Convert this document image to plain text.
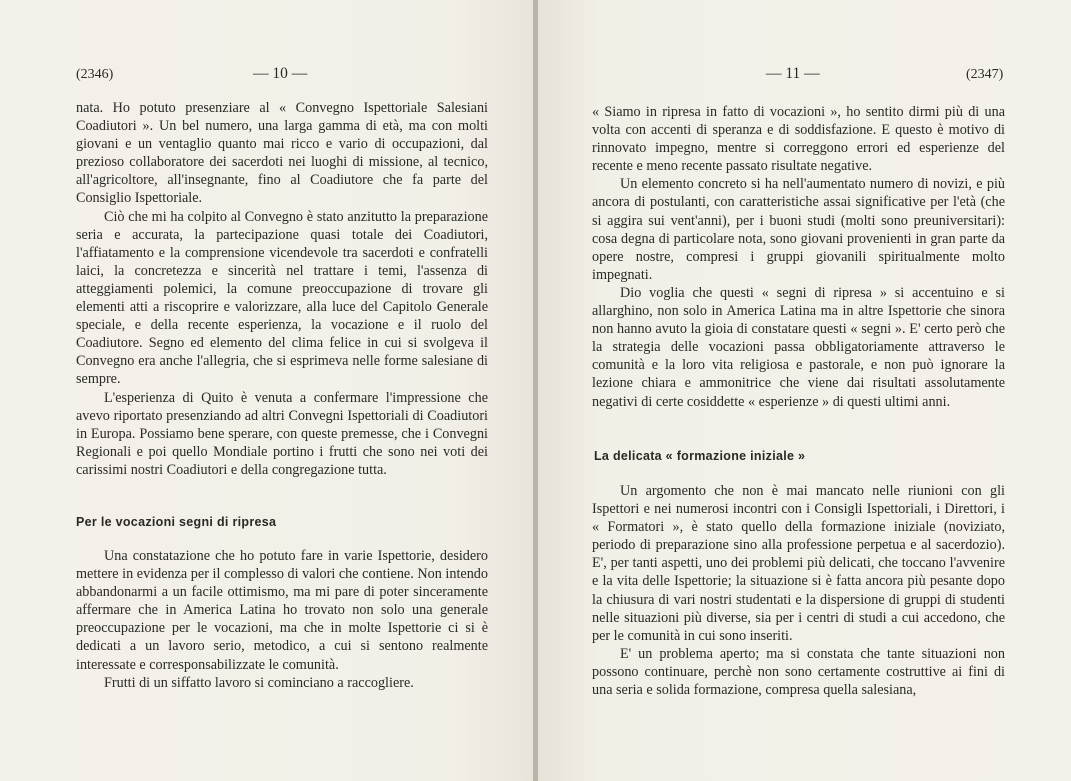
(2346)	— 10 —

nata. Ho potuto presenziare al « Convegno Ispettoriale Salesiani Coadiutori ». Un bel numero, una larga gamma di età, ma con molti giovani e un ventaglio quanto mai ricco e vario di occupazioni, dal prezioso collaboratore dei sacerdoti nei luoghi di missione, al tecnico, all'agricoltore, all'insegnante, fino al Coadiutore che fa parte del Consiglio Ispettoriale.

Ciò che mi ha colpito al Convegno è stato anzitutto la preparazione seria e accurata, la partecipazione quasi totale dei Coadiutori, l'affiatamento e la comprensione vicendevole tra sacerdoti e confratelli laici, la concretezza e sincerità nel trattare i temi, l'assenza di atteggiamenti polemici, la comune preoccupazione di trovare gli elementi atti a riscoprire e valorizzare, alla luce del Capitolo Generale speciale, e della recente esperienza, la vocazione e il ruolo del Coadiutore. Segno ed elemento del clima felice in cui si svolgeva il Convegno era anche l'allegria, che si esprimeva nelle forme salesiane di sempre.

L'esperienza di Quito è venuta a confermare l'impressione che avevo riportato presenziando ad altri Convegni Ispettoriali di Coadiutori in Europa. Possiamo bene sperare, con queste premesse, che i Convegni Regionali e poi quello Mondiale portino i frutti che sono nei voti dei carissimi nostri Coadiutori e della congregazione tutta.

Per le vocazioni segni di ripresa

Una constatazione che ho potuto fare in varie Ispettorie, desidero mettere in evidenza per il complesso di valori che contiene. Non intendo abbandonarmi a un facile ottimismo, ma mi pare di poter sinceramente affermare che in America Latina ho trovato non solo una generale preoccupazione per le vocazioni, ma che in molte Ispettorie ci si è dedicati a un lavoro serio, metodico, a cui si sentono realmente interessate e corresponsabilizzate le comunità.

Frutti di un siffatto lavoro si cominciano a raccogliere.

— 11 —	(2347)

« Siamo in ripresa in fatto di vocazioni », ho sentito dirmi più di una volta con accenti di speranza e di soddisfazione. E questo è motivo di rinnovato impegno, mentre si correggono errori ed esperienze del recente e meno recente passato risultate negative.

Un elemento concreto si ha nell'aumentato numero di novizi, e più ancora di postulanti, con caratteristiche assai significative per l'età (che si aggira sui vent'anni), per i buoni studi (molti sono preuniversitari): cosa degna di particolare nota, sono giovani provenienti in gran parte da opere nostre, compresi i gruppi giovanili spiritualmente molto impegnati.

Dio voglia che questi « segni di ripresa » si accentuino e si allarghino, non solo in America Latina ma in altre Ispettorie che sinora non hanno avuto la gioia di constatare questi « segni ». E' certo però che la strategia delle vocazioni passa obbligatoriamente attraverso le comunità e la loro vita religiosa e pastorale, e non può ignorare la lezione chiara e ammonitrice che viene dai risultati assolutamente negativi di certe cosiddette « esperienze » di questi ultimi anni.

La delicata « formazione iniziale »

Un argomento che non è mai mancato nelle riunioni con gli Ispettori e nei numerosi incontri con i Consigli Ispettoriali, i Direttori, i « Formatori », è stato quello della formazione iniziale (noviziato, periodo di preparazione sino alla professione perpetua e al sacerdozio). E', per tanti aspetti, uno dei problemi più delicati, che toccano l'avvenire e la vita delle Ispettorie; la situazione si è fatta ancora più pesante dopo la chiusura di vari nostri studentati e la dispersione di gruppi di studenti nelle situazioni più diverse, sia per i centri di studi a cui accedono, che per le comunità in cui sono inseriti.

E' un problema aperto; ma si constata che tante situazioni non possono continuare, perchè non sono certamente costruttive ai fini di una seria e solida formazione, compresa quella salesiana,
